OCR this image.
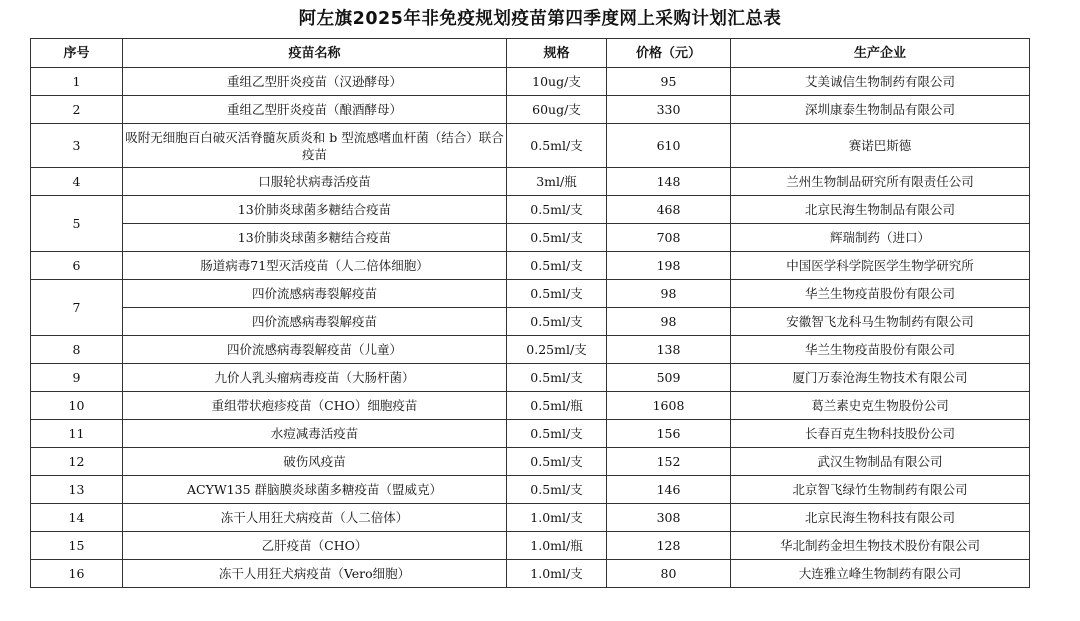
阿左旗2025年非免疫规划疫苗第四季度网上采购计划汇总表
序号	疫苗名称	规格	价格（元）	生产企业
1	重组乙型肝炎疫苗（汉逊酵母）	10ug/支	95	艾美诚信生物制药有限公司
2	重组乙型肝炎疫苗（酿酒酵母）	60ug/支	330	深圳康泰生物制品有限公司
3	吸附无细胞百白破灭活脊髓灰质炎和 b 型流感嗜血杆菌（结合）联合疫苗	0.5ml/支	610	赛诺巴斯德
4	口服轮状病毒活疫苗	3ml/瓶	148	兰州生物制品研究所有限责任公司
5	13价肺炎球菌多糖结合疫苗	0.5ml/支	468	北京民海生物制品有限公司
	13价肺炎球菌多糖结合疫苗	0.5ml/支	708	辉瑞制药（进口）
6	肠道病毒71型灭活疫苗（人二倍体细胞）	0.5ml/支	198	中国医学科学院医学生物学研究所
7	四价流感病毒裂解疫苗	0.5ml/支	98	华兰生物疫苗股份有限公司
	四价流感病毒裂解疫苗	0.5ml/支	98	安徽智飞龙科马生物制药有限公司
8	四价流感病毒裂解疫苗（儿童）	0.25ml/支	138	华兰生物疫苗股份有限公司
9	九价人乳头瘤病毒疫苗（大肠杆菌）	0.5ml/支	509	厦门万泰沧海生物技术有限公司
10	重组带状疱疹疫苗（CHO）细胞疫苗	0.5ml/瓶	1608	葛兰素史克生物股份公司
11	水痘减毒活疫苗	0.5ml/支	156	长春百克生物科技股份公司
12	破伤风疫苗	0.5ml/支	152	武汉生物制品有限公司
13	ACYW135 群脑膜炎球菌多糖疫苗（盟威克）	0.5ml/支	146	北京智飞绿竹生物制药有限公司
14	冻干人用狂犬病疫苗（人二倍体）	1.0ml/支	308	北京民海生物科技有限公司
15	乙肝疫苗（CHO）	1.0ml/瓶	128	华北制药金坦生物技术股份有限公司
16	冻干人用狂犬病疫苗（Vero细胞）	1.0ml/支	80	大连雅立峰生物制药有限公司
